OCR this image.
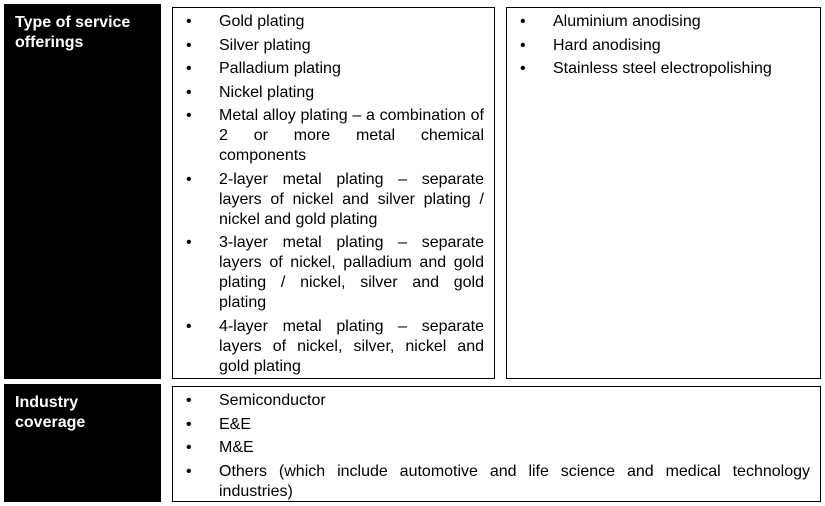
Type of service offerings
• Gold plating
• Silver plating
• Palladium plating
• Nickel plating
• Metal alloy plating – a combination of 2 or more metal chemical components
• 2-layer metal plating – separate layers of nickel and silver plating / nickel and gold plating
• 3-layer metal plating – separate layers of nickel, palladium and gold plating / nickel, silver and gold plating
• 4-layer metal plating – separate layers of nickel, silver, nickel and gold plating
• Aluminium anodising
• Hard anodising
• Stainless steel electropolishing
Industry coverage
• Semiconductor
• E&E
• M&E
• Others (which include automotive and life science and medical technology industries)
